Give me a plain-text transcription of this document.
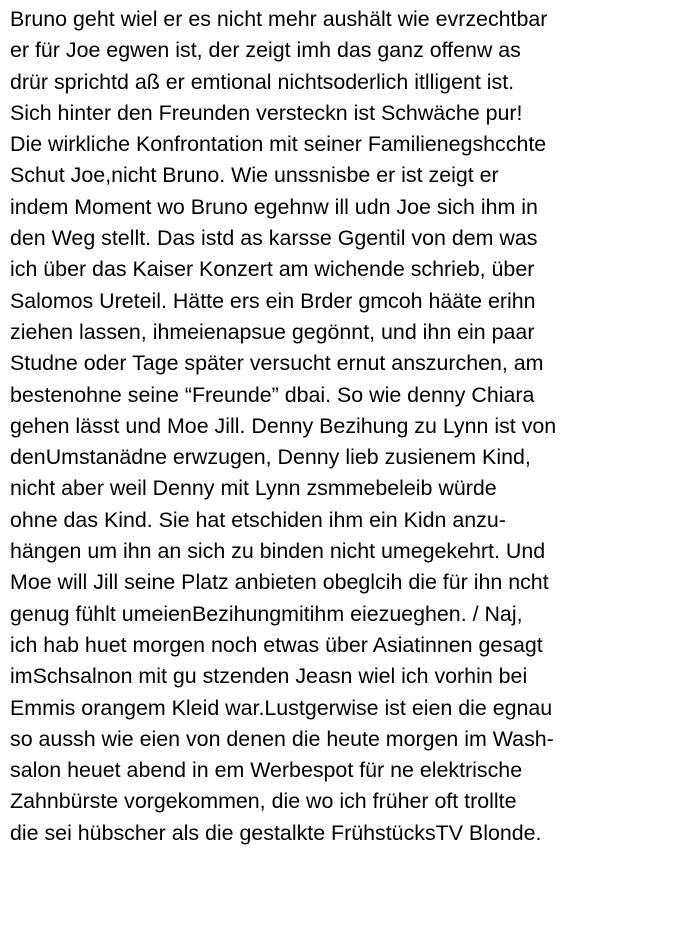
Bruno geht wiel er es nicht mehr aushält wie evrzechtbar
er für Joe egwen ist, der zeigt imh das ganz offenw as
drür sprichtd aß er emtional nichtsoderlich itlligent ist.
Sich hinter den Freunden versteckn ist Schwäche pur!
Die wirkliche Konfrontation mit seiner Familienegshcchte
Schut Joe,nicht Bruno. Wie unssnisbe er ist zeigt er
indem Moment wo Bruno egehnw ill udn Joe sich ihm in
den Weg stellt. Das istd as karsse Ggentil von dem was
ich über das Kaiser Konzert am wichende schrieb, über
Salomos Ureteil. Hätte ers ein Brder gmcoh hääte erihn
ziehen lassen, ihmeienapsue gegönnt, und ihn ein paar
Studne oder Tage später versucht ernut anszurchen, am
bestenohne seine “Freunde” dbai. So wie denny Chiara
gehen lässt und Moe Jill. Denny Bezihung zu Lynn ist von
denUmstanädne erwzugen, Denny lieb zusienem Kind,
nicht aber weil Denny mit Lynn zsmmebeleib würde
ohne das Kind. Sie hat etschiden ihm ein Kidn anzu-
hängen um ihn an sich zu binden nicht umegekehrt. Und
Moe will Jill seine Platz anbieten obeglcih die für ihn ncht
genug fühlt umeienBezihungmitihm eiezueghen. / Naj,
ich hab huet morgen noch etwas über Asiatinnen gesagt
imSchsalnon mit gu stzenden Jeasn wiel ich vorhin bei
Emmis orangem Kleid war.Lustgerwise ist eien die egnau
so aussh wie eien von denen die heute morgen im Wash-
salon heuet abend in em Werbespot für ne elektrische
Zahnbürste vorgekommen, die wo ich früher oft trollte
die sei hübscher als die gestalkte FrühstücksTV Blonde.
